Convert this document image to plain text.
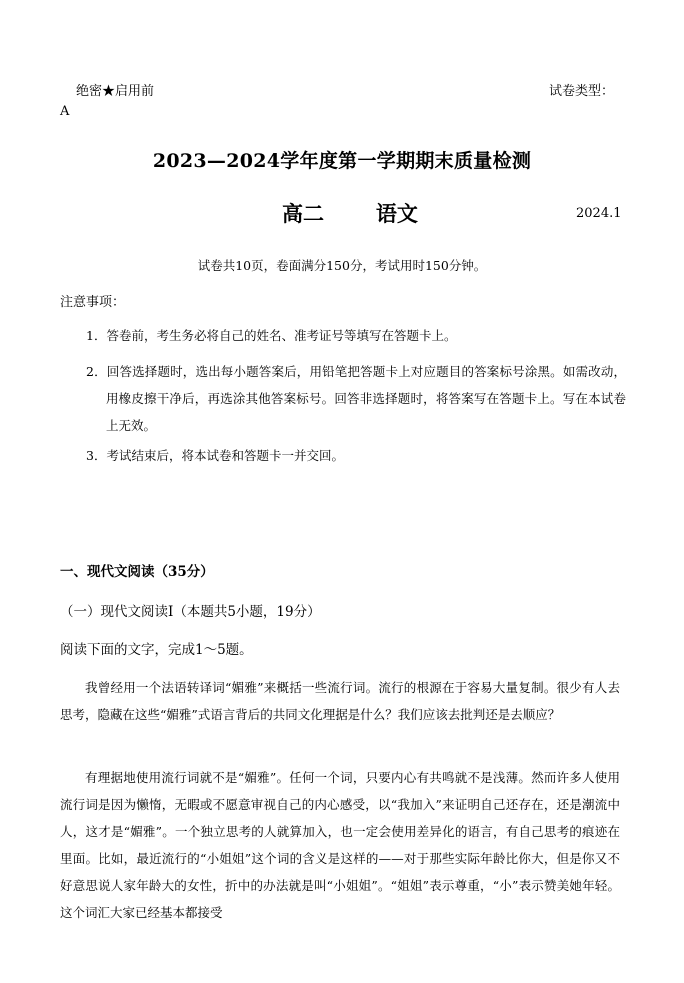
绝密★启用前	试卷类型：
A
2023—2024学年度第一学期期末质量检测
高二   语文	2024.1
试卷共10页，卷面满分150分，考试用时150分钟。
注意事项：
1．答卷前，考生务必将自己的姓名、准考证号等填写在答题卡上。
2．回答选择题时，选出每小题答案后，用铅笔把答题卡上对应题目的答案标号涂黑。如需改动，用橡皮擦干净后，再选涂其他答案标号。回答非选择题时，将答案写在答题卡上。写在本试卷上无效。
3．考试结束后，将本试卷和答题卡一并交回。
一、现代文阅读（35分）
（一）现代文阅读Ⅰ（本题共5小题，19分）
阅读下面的文字，完成1～5题。
我曾经用一个法语转译词“媚雅”来概括一些流行词。流行的根源在于容易大量复制。很少有人去思考，隐藏在这些“媚雅”式语言背后的共同文化理据是什么？我们应该去批判还是去顺应？
有理据地使用流行词就不是“媚雅”。任何一个词，只要内心有共鸣就不是浅薄。然而许多人使用流行词是因为懒惰，无暇或不愿意审视自己的内心感受，以“我加入”来证明自己还存在，还是潮流中人，这才是“媚雅”。一个独立思考的人就算加入，也一定会使用差异化的语言，有自己思考的痕迹在里面。比如，最近流行的“小姐姐”这个词的含义是这样的——对于那些实际年龄比你大，但是你又不好意思说人家年龄大的女性，折中的办法就是叫“小姐姐”。“姐姐”表示尊重，“小”表示赞美她年轻。这个词汇大家已经基本都接受
